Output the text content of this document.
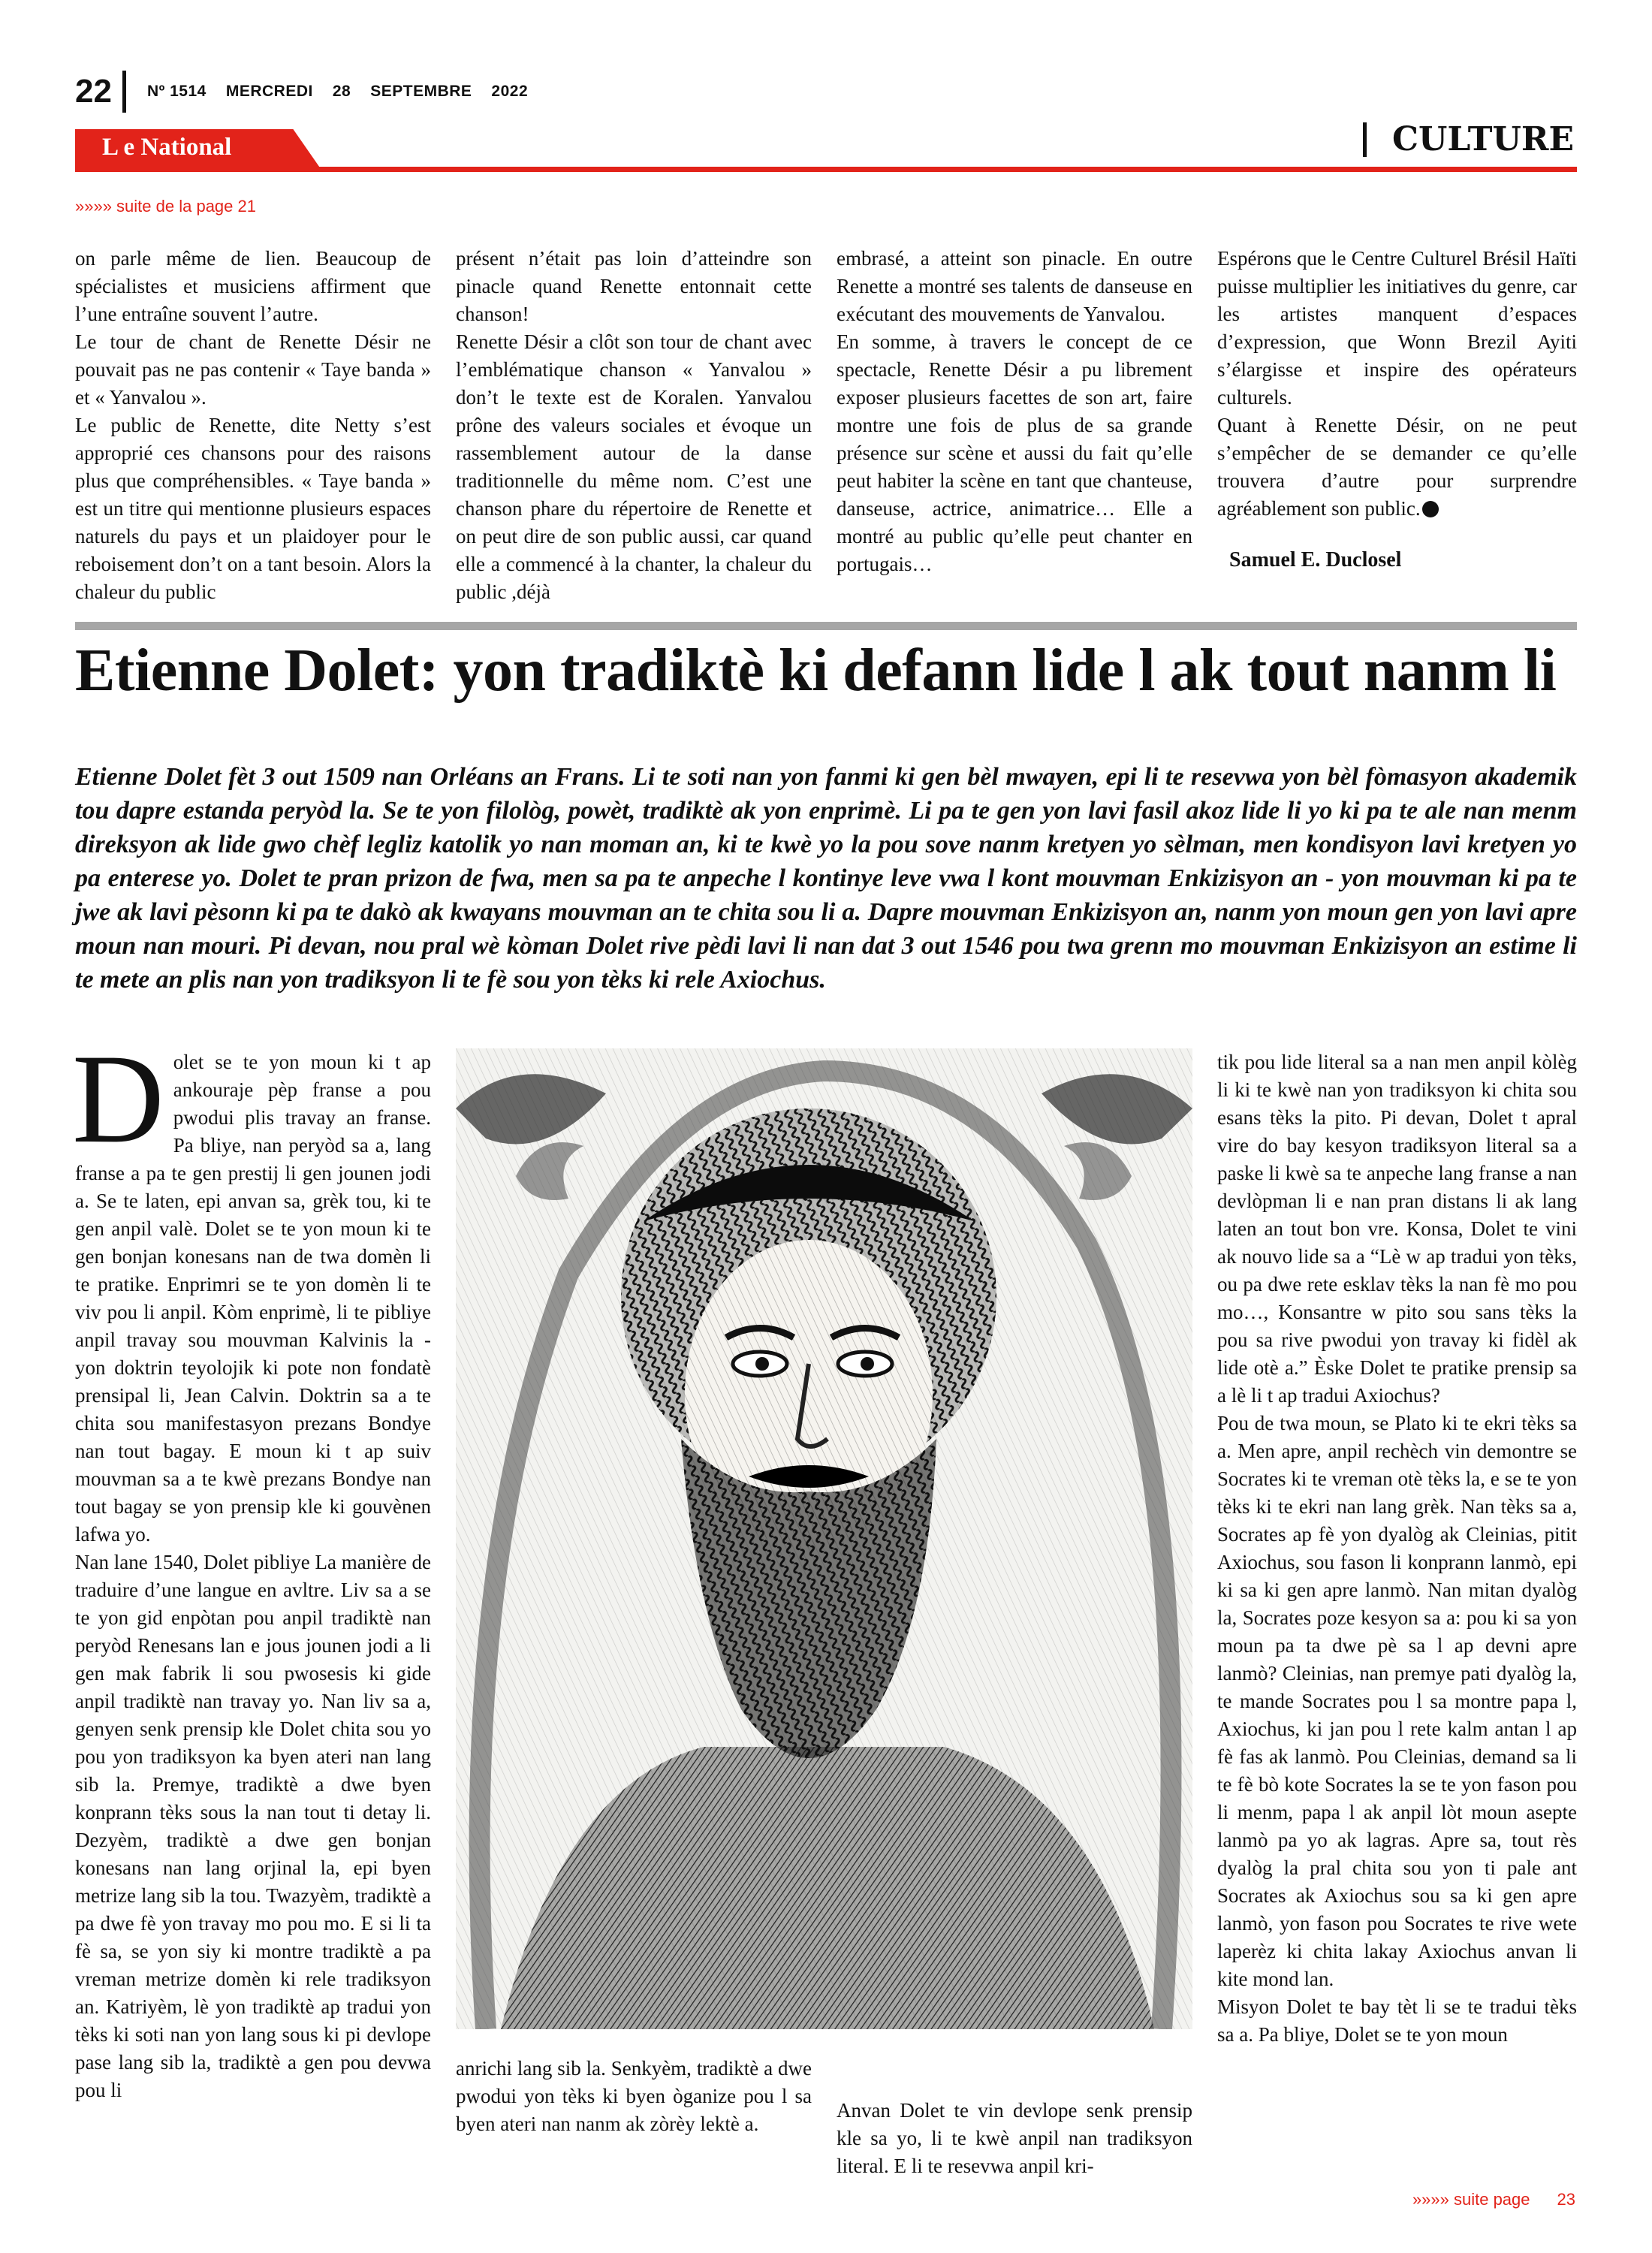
22 Nº 1514 MERCREDI 28 SEPTEMBRE 2022
L e National	CULTURE
»»»» suite de la page 21

on parle même de lien. Beaucoup de spécialistes et musiciens affirment que l’une entraîne souvent l’autre.

Le tour de chant de Renette Désir ne pouvait pas ne pas contenir « Taye banda » et « Yanvalou ».

Le public de Renette, dite Netty s’est approprié ces chansons pour des raisons plus que compréhensibles. « Taye banda » est un titre qui mentionne plusieurs espaces naturels du pays et un plaidoyer pour le reboisement don’t on a tant besoin. Alors la chaleur du public

présent n’était pas loin d’atteindre son pinacle quand Renette entonnait cette chanson!

Renette Désir a clôt son tour de chant avec l’emblématique chanson « Yanvalou » don’t le texte est de Koralen. Yanvalou prône des valeurs sociales et évoque un rassemblement autour de la danse traditionnelle du même nom. C’est une chanson phare du répertoire de Renette et on peut dire de son public aussi, car quand elle a commencé à la chanter, la chaleur du public ,déjà

embrasé, a atteint son pinacle. En outre Renette a montré ses talents de danseuse en exécutant des mouvements de Yanvalou.

En somme, à travers le concept de ce spectacle, Renette Désir a pu librement exposer plusieurs facettes de son art, faire montre une fois de plus de sa grande présence sur scène et aussi du fait qu’elle peut habiter la scène en tant que chanteuse, danseuse, actrice, animatrice… Elle a montré au public qu’elle peut chanter en portugais…

Espérons que le Centre Culturel Brésil Haïti puisse multiplier les initiatives du genre, car les artistes manquent d’espaces d’expression, que Wonn Brezil Ayiti s’élargisse et inspire des opérateurs culturels.

Quant à Renette Désir, on ne peut s’empêcher de se demander ce qu’elle trouvera d’autre pour surprendre agréablement son public.

Samuel E. Duclosel
Etienne Dolet: yon tradiktè ki defann lide l ak tout nanm li

Etienne Dolet fèt 3 out 1509 nan Orléans an Frans. Li te soti nan yon fanmi ki gen bèl mwayen, epi li te resevwa yon bèl fòmasyon akademik tou dapre estanda peryòd la. Se te yon filològ, powèt, tradiktè ak yon enprimè. Li pa te gen yon lavi fasil akoz lide li yo ki pa te ale nan menm direksyon ak lide gwo chèf legliz katolik yo nan moman an, ki te kwè yo la pou sove nanm kretyen yo sèlman, men kondisyon lavi kretyen yo pa enterese yo. Dolet te pran prizon de fwa, men sa pa te anpeche l kontinye leve vwa l kont mouvman Enkizisyon an - yon mouvman ki pa te jwe ak lavi pèsonn ki pa te dakò ak kwayans mouvman an te chita sou li a. Dapre mouvman Enkizisyon an, nanm yon moun gen yon lavi apre moun nan mouri. Pi devan, nou pral wè kòman Dolet rive pèdi lavi li nan dat 3 out 1546 pou twa grenn mo mouvman Enkizisyon an estime li te mete an plis nan yon tradiksyon li te fè sou yon tèks ki rele Axiochus.

Dolet se te yon moun ki t ap ankouraje pèp franse a pou pwodui plis travay an franse. Pa bliye, nan peryòd sa a, lang franse a pa te gen prestij li gen jounen jodi a. Se te laten, epi anvan sa, grèk tou, ki te gen anpil valè. Dolet se te yon moun ki te gen bonjan konesans nan de twa domèn li te pratike. Enprimri se te yon domèn li te viv pou li anpil. Kòm enprimè, li te pibliye anpil travay sou mouvman Kalvinis la - yon doktrin teyolojik ki pote non fondatè prensipal li, Jean Calvin. Doktrin sa a te chita sou manifestasyon prezans Bondye nan tout bagay. E moun ki t ap suiv mouvman sa a te kwè prezans Bondye nan tout bagay se yon prensip kle ki gouvènen lafwa yo.

Nan lane 1540, Dolet pibliye La manière de traduire d’une langue en avltre. Liv sa a se te yon gid enpòtan pou anpil tradiktè nan peryòd Renesans lan e jous jounen jodi a li gen mak fabrik li sou pwosesis ki gide anpil tradiktè nan travay yo. Nan liv sa a, genyen senk prensip kle Dolet chita sou yo pou yon tradiksyon ka byen ateri nan lang sib la. Premye, tradiktè a dwe byen konprann tèks sous la nan tout ti detay li. Dezyèm, tradiktè a dwe gen bonjan konesans nan lang orjinal la, epi byen metrize lang sib la tou. Twazyèm, tradiktè a pa dwe fè yon travay mo pou mo. E si li ta fè sa, se yon siy ki montre tradiktè a pa vreman metrize domèn ki rele tradiksyon an. Katriyèm, lè yon tradiktè ap tradui yon tèks ki soti nan yon lang sous ki pi devlope pase lang sib la, tradiktè a gen pou devwa pou li

anrichi lang sib la. Senkyèm, tradiktè a dwe pwodui yon tèks ki byen òganize pou l sa byen ateri nan nanm ak zòrèy lektè a.

Anvan Dolet te vin devlope senk prensip kle sa yo, li te kwè anpil nan tradiksyon literal. E li te resevwa anpil kri-

tik pou lide literal sa a nan men anpil kòlèg li ki te kwè nan yon tradiksyon ki chita sou esans tèks la pito. Pi devan, Dolet t apral vire do bay kesyon tradiksyon literal sa a paske li kwè sa te anpeche lang franse a nan devlòpman li e nan pran distans li ak lang laten an tout bon vre. Konsa, Dolet te vini ak nouvo lide sa a “Lè w ap tradui yon tèks, ou pa dwe rete esklav tèks la nan fè mo pou mo…, Konsantre w pito sou sans tèks la pou sa rive pwodui yon travay ki fidèl ak lide otè a.” Èske Dolet te pratike prensip sa a lè li t ap tradui Axiochus?

Pou de twa moun, se Plato ki te ekri tèks sa a. Men apre, anpil rechèch vin demontre se Socrates ki te vreman otè tèks la, e se te yon tèks ki te ekri nan lang grèk. Nan tèks sa a, Socrates ap fè yon dyalòg ak Cleinias, pitit Axiochus, sou fason li konprann lanmò, epi ki sa ki gen apre lanmò. Nan mitan dyalòg la, Socrates poze kesyon sa a: pou ki sa yon moun pa ta dwe pè sa l ap devni apre lanmò? Cleinias, nan premye pati dyalòg la, te mande Socrates pou l sa montre papa l, Axiochus, ki jan pou l rete kalm antan l ap fè fas ak lanmò. Pou Cleinias, demand sa li te fè bò kote Socrates la se te yon fason pou li menm, papa l ak anpil lòt moun asepte lanmò pa yo ak lagras. Apre sa, tout rès dyalòg la pral chita sou yon ti pale ant Socrates ak Axiochus sou sa ki gen apre lanmò, yon fason pou Socrates te rive wete laperèz ki chita lakay Axiochus anvan li kite mond lan.

Misyon Dolet te bay tèt li se te tradui tèks sa a. Pa bliye, Dolet se te yon moun

»»»» suite page 23
